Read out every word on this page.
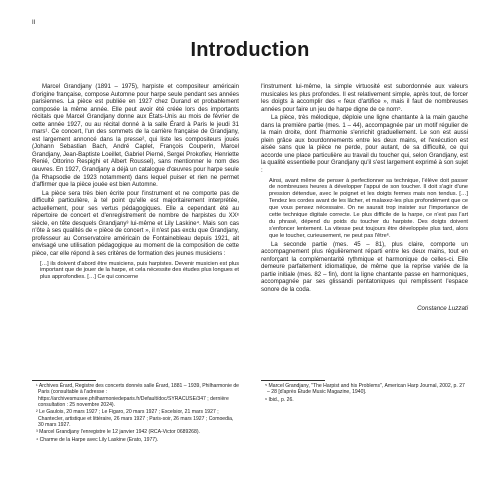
II
Introduction

Marcel Grandjany (1891 – 1975), harpiste et compositeur américain d'origine française, compose Automne pour harpe seule pendant ses années parisiennes. La pièce est publiée en 1927 chez Durand et probablement composée la même année. Elle peut avoir été créée lors des importants récitals que Marcel Grandjany donne aux États-Unis au mois de février de cette année 1927, ou au récital donné à la salle Érard à Paris le jeudi 31 mars¹. Ce concert, l'un des sommets de la carrière française de Grandjany, est largement annoncé dans la presse², qui liste les compositeurs joués (Johann Sebastian Bach, André Caplet, François Couperin, Marcel Grandjany, Jean-Baptiste Loeillet, Gabriel Pierné, Sergei Prokofiev, Henriette Renié, Ottorino Respighi et Albert Roussel), sans mentionner le nom des œuvres. En 1927, Grandjany a déjà un catalogue d'œuvres pour harpe seule (la Rhapsodie de 1923 notamment) dans lequel puiser et rien ne permet d'affirmer que la pièce jouée est bien Automne.

La pièce sera très bien écrite pour l'instrument et ne comporte pas de difficulté particulière, à tel point qu'elle est majoritairement interprétée, actuellement, pour ses vertus pédagogiques. Elle a cependant été au répertoire de concert et d'enregistrement de nombre de harpistes du XXᵉ siècle, en tête desquels Grandjany³ lui-même et Lily Laskine⁴. Mais son cas n'ôte à ses qualités de « pièce de concert », il n'est pas exclu que Grandjany, professeur au Conservatoire américain de Fontainebleau depuis 1921, ait envisagé une utilisation pédagogique au moment de la composition de cette pièce, car elle répond à ses critères de formation des jeunes musiciens :

[…] ils doivent d'abord être musiciens, puis harpistes. Devenir musicien est plus important que de jouer de la harpe, et cela nécessite des études plus longues et plus approfondies. […] Ce qui concerne

l'instrument lui-même, la simple virtuosité est subordonnée aux valeurs musicales les plus profondes. Il est relativement simple, après tout, de forcer les doigts à accomplir des « feux d'artifice », mais il faut de nombreuses années pour faire un jeu de harpe digne de ce nom⁵.

La pièce, très mélodique, déploie une ligne chantante à la main gauche dans la première partie (mes. 1 – 44), accompagnée par un motif régulier de la main droite, dont l'harmonie s'enrichit graduellement. Le son est aussi plein grâce aux bourdonnements entre les deux mains, et l'exécution est aisée sans que la pièce ne perde, pour autant, de sa difficulté, ce qui accorde une place particulière au travail du toucher qui, selon Grandjany, est la qualité essentielle pour Grandjany qu'il s'est largement exprimé à son sujet :

Ainsi, avant même de penser à perfectionner sa technique, l'élève doit passer de nombreuses heures à développer l'appui de son toucher. Il doit s'agir d'une pression détendue, avec le poignet et les doigts fermes mais non tendus. […] Tendez les cordes avant de les lâcher, et malaxez-les plus profondément que ce que vous pensez nécessaire. On ne saurait trop insister sur l'importance de cette technique digitale correcte. Le plus difficile de la harpe, ce n'est pas l'art du phrasé, dépend du poids du toucher du harpiste. Des doigts doivent s'enfoncer lentement. La vitesse peut toujours être développée plus tard, alors que le toucher, curieusement, ne peut pas l'être⁶.

La seconde partie (mes. 45 – 81), plus claire, comporte un accompagnement plus régulièrement réparti entre les deux mains, tout en renforçant la complémentarité rythmique et harmonique de celles-ci. Elle demeure parfaitement idiomatique, de même que la reprise variée de la partie initiale (mes. 82 – fin), dont la ligne chantante passe en harmoniques, accompagnée par ses glissandi pentatoniques qui remplissent l'espace sonore de la coda.

Constance Luzzati

¹ Archives Érard, Registre des concerts donnés salle Érard, 1881 – 1939, Philharmonie de Paris (consultable à l'adresse : https://archivesmusee.philharmoniedeparis.fr/Default/doc/SYRACUSE/347 ; dernière consultation : 25 novembre 2024).

² Le Gaulois, 20 mars 1927 ; Le Figaro, 20 mars 1927 ; Excelsior, 21 mars 1927 ; Chantecler, artistique et littéraire, 26 mars 1927 ; Paris-soir, 26 mars 1927 ; Comoedia, 30 mars 1927.

³ Marcel Grandjany l'enregistre le 12 janvier 1942 (RCA-Victor 0689268).

⁴ Charme de la Harpe avec Lily Laskine (Erato, 1977).

⁵ Marcel Grandjany, "The Harpist and his Problems", American Harp Journal, 2002, p. 27 – 28 [d'après Étude Music Magazine, 1940].

⁶ Ibid., p. 26.
